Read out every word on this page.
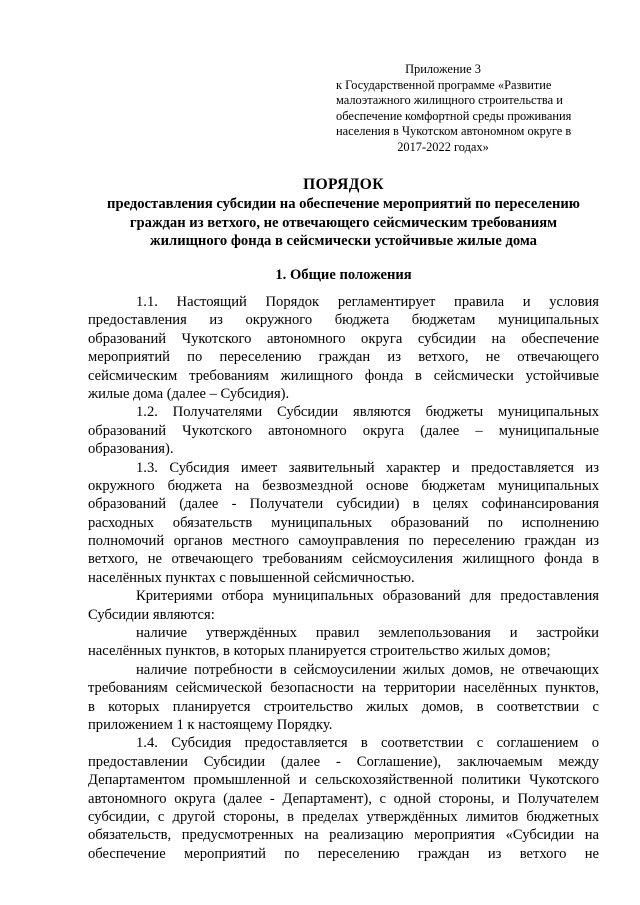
Приложение 3
к Государственной программе «Развитие
малоэтажного жилищного строительства и
обеспечение комфортной среды проживания
населения в Чукотском автономном округе в
2017-2022 годах»
ПОРЯДОК
предоставления субсидии на обеспечение мероприятий по переселению
граждан из ветхого, не отвечающего сейсмическим требованиям
жилищного фонда в сейсмически устойчивые жилые дома
1. Общие положения
1.1. Настоящий Порядок регламентирует правила и условия
предоставления из окружного бюджета бюджетам муниципальных
образований Чукотского автономного округа субсидии на обеспечение
мероприятий по переселению граждан из ветхого, не отвечающего
сейсмическим требованиям жилищного фонда в сейсмически устойчивые
жилые дома (далее – Субсидия).
1.2. Получателями Субсидии являются бюджеты муниципальных
образований Чукотского автономного округа (далее – муниципальные
образования).
1.3. Субсидия имеет заявительный характер и предоставляется из
окружного бюджета на безвозмездной основе бюджетам муниципальных
образований (далее - Получатели субсидии) в целях софинансирования
расходных обязательств муниципальных образований по исполнению
полномочий органов местного самоуправления по переселению граждан из
ветхого, не отвечающего требованиям сейсмоусиления жилищного фонда в
населённых пунктах с повышенной сейсмичностью.
Критериями отбора муниципальных образований для предоставления
Субсидии являются:
наличие утверждённых правил землепользования и застройки
населённых пунктов, в которых планируется строительство жилых домов;
наличие потребности в сейсмоусилении жилых домов, не отвечающих
требованиям сейсмической безопасности на территории населённых пунктов,
в которых планируется строительство жилых домов, в соответствии с
приложением 1 к настоящему Порядку.
1.4. Субсидия предоставляется в соответствии с соглашением о
предоставлении Субсидии (далее - Соглашение), заключаемым между
Департаментом промышленной и сельскохозяйственной политики Чукотского
автономного округа (далее - Департамент), с одной стороны, и Получателем
субсидии, с другой стороны, в пределах утверждённых лимитов бюджетных
обязательств, предусмотренных на реализацию мероприятия «Субсидии на
обеспечение мероприятий по переселению граждан из ветхого не
